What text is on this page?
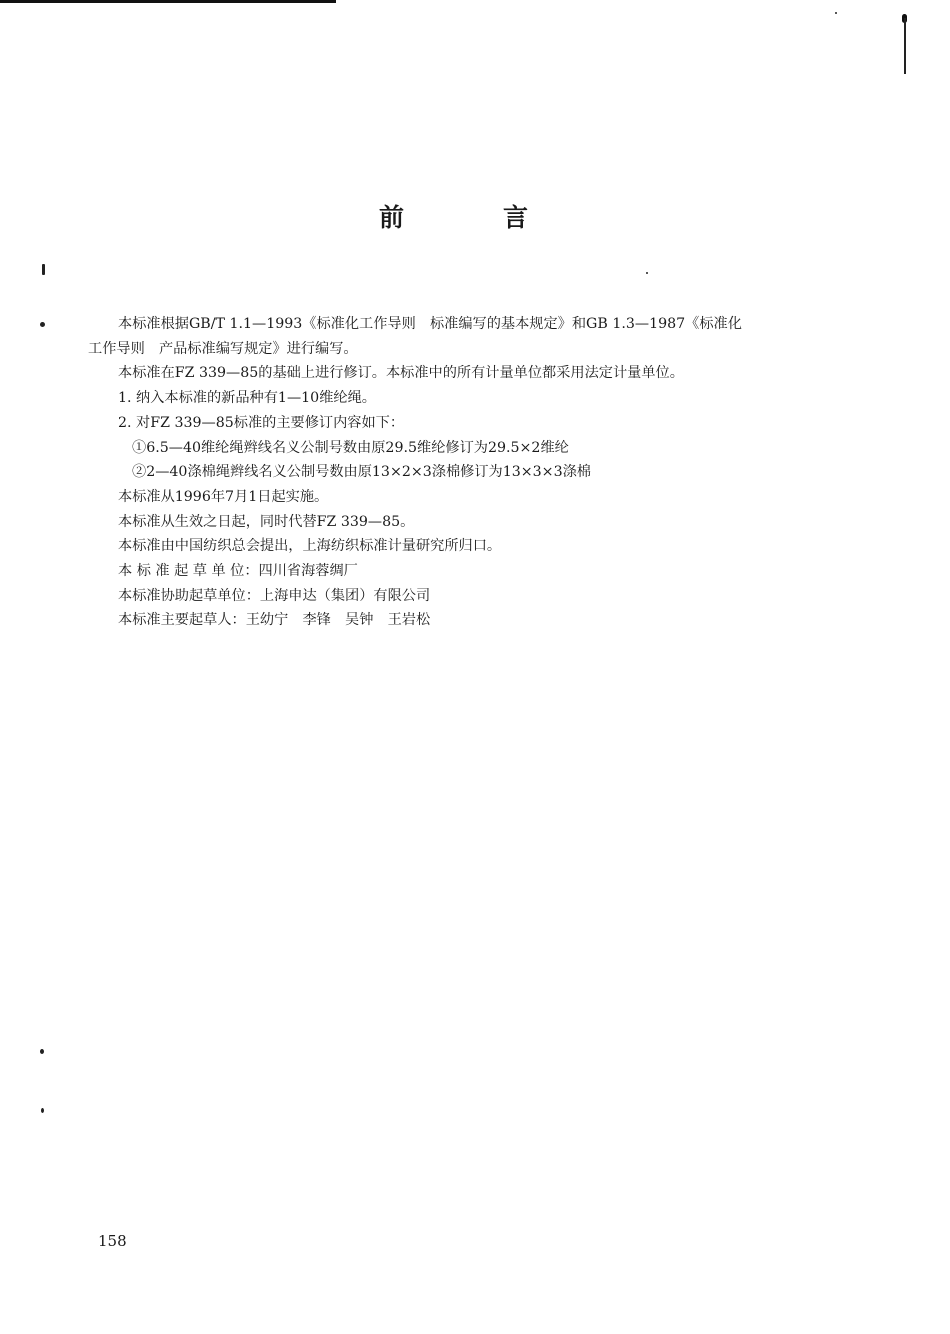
前	言

本标准根据GB/T 1.1—1993《标准化工作导则　标准编写的基本规定》和GB 1.3—1987《标准化

工作导则　产品标准编写规定》进行编写。

本标准在FZ 339—85的基础上进行修订。本标准中的所有计量单位都采用法定计量单位。

1. 纳入本标准的新品种有1—10维纶绳。

2. 对FZ 339—85标准的主要修订内容如下：

①6.5—40维纶绳辫线名义公制号数由原29.5维纶修订为29.5×2维纶

②2—40涤棉绳辫线名义公制号数由原13×2×3涤棉修订为13×3×3涤棉

本标准从1996年7月1日起实施。

本标准从生效之日起，同时代替FZ 339—85。

本标准由中国纺织总会提出，上海纺织标准计量研究所归口。

本 标 准 起 草 单 位：四川省海蓉绸厂

本标准协助起草单位：上海申达（集团）有限公司

本标准主要起草人：王幼宁　李锋　吴钟　王岩松

158
